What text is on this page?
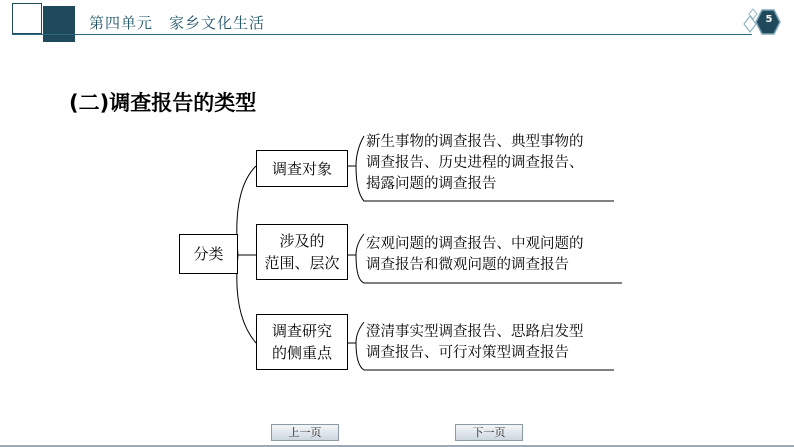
第四单元　家乡文化生活	5
(二)调查报告的类型
分类
调查对象
涉及的
范围、层次
调查研究
的侧重点
新生事物的调查报告、典型事物的
调查报告、历史进程的调查报告、
揭露问题的调查报告
宏观问题的调查报告、中观问题的
调查报告和微观问题的调查报告
澄清事实型调查报告、思路启发型
调查报告、可行对策型调查报告
上一页	下一页
